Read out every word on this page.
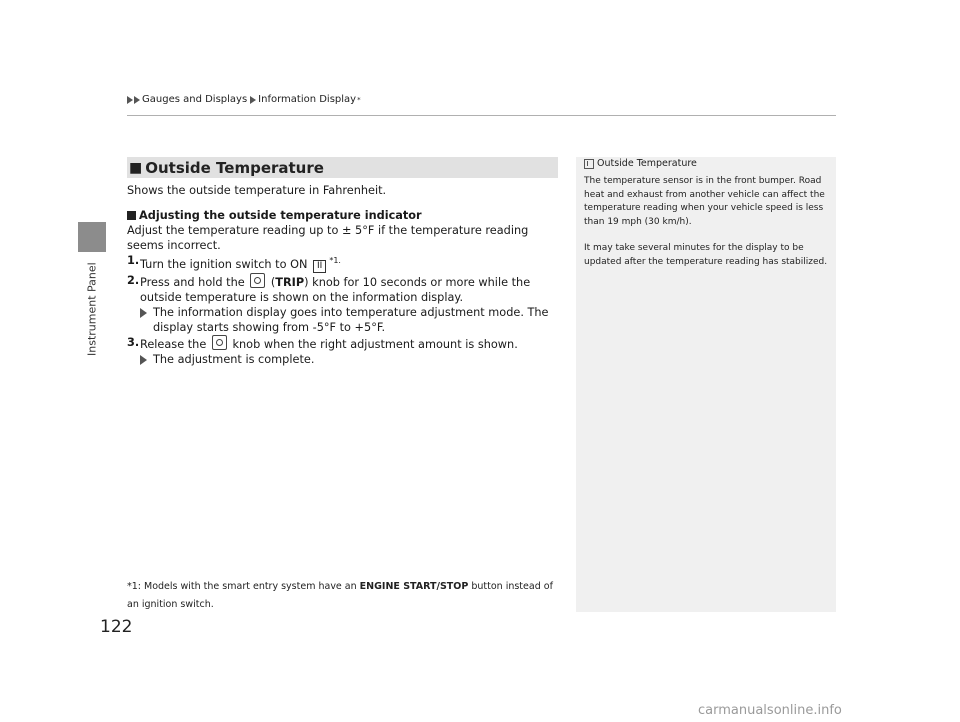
Instrument Panel
122
Gauges and Displays Information Display *
■ Outside Temperature

Shows the outside temperature in Fahrenheit.

Adjusting the outside temperature indicator

Adjust the temperature reading up to ± 5°F if the temperature reading seems incorrect.

1. Turn the ignition switch to ON $II^{*1.}$
2. Press and hold the  (TRIP) knob for 10 seconds or more while the outside temperature is shown on the information display.
The information display goes into temperature adjustment mode. The display starts showing from -5°F to +5°F.
3. Release the  knob when the right adjustment amount is shown.
The adjustment is complete.
*1: Models with the smart entry system have an ENGINE START/STOP button instead of an ignition switch.
Outside Temperature

The temperature sensor is in the front bumper. Road heat and exhaust from another vehicle can affect the temperature reading when your vehicle speed is less than 19 mph (30 km/h).

It may take several minutes for the display to be updated after the temperature reading has stabilized.

carmanualsonline.info
